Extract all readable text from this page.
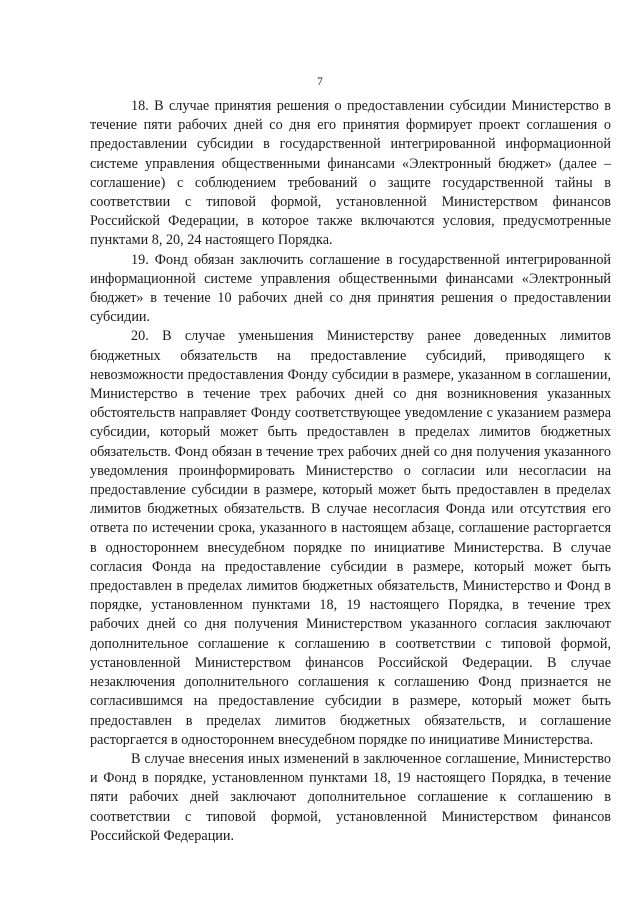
7

18. В случае принятия решения о предоставлении субсидии Министерство в течение пяти рабочих дней со дня его принятия формирует проект соглашения о предоставлении субсидии в государственной интегрированной информационной системе управления общественными финансами «Электронный бюджет» (далее – соглашение) с соблюдением требований о защите государственной тайны в соответствии с типовой формой, установленной Министерством финансов Российской Федерации, в которое также включаются условия, предусмотренные пунктами 8, 20, 24 настоящего Порядка.

19. Фонд обязан заключить соглашение в государственной интегрированной информационной системе управления общественными финансами «Электронный бюджет» в течение 10 рабочих дней со дня принятия решения о предоставлении субсидии.

20. В случае уменьшения Министерству ранее доведенных лимитов бюджетных обязательств на предоставление субсидий, приводящего к невозможности предоставления Фонду субсидии в размере, указанном в соглашении, Министерство в течение трех рабочих дней со дня возникновения указанных обстоятельств направляет Фонду соответствующее уведомление с указанием размера субсидии, который может быть предоставлен в пределах лимитов бюджетных обязательств. Фонд обязан в течение трех рабочих дней со дня получения указанного уведомления проинформировать Министерство о согласии или несогласии на предоставление субсидии в размере, который может быть предоставлен в пределах лимитов бюджетных обязательств. В случае несогласия Фонда или отсутствия его ответа по истечении срока, указанного в настоящем абзаце, соглашение расторгается в одностороннем внесудебном порядке по инициативе Министерства. В случае согласия Фонда на предоставление субсидии в размере, который может быть предоставлен в пределах лимитов бюджетных обязательств, Министерство и Фонд в порядке, установленном пунктами 18, 19 настоящего Порядка, в течение трех рабочих дней со дня получения Министерством указанного согласия заключают дополнительное соглашение к соглашению в соответствии с типовой формой, установленной Министерством финансов Российской Федерации. В случае незаключения дополнительного соглашения к соглашению Фонд признается не согласившимся на предоставление субсидии в размере, который может быть предоставлен в пределах лимитов бюджетных обязательств, и соглашение расторгается в одностороннем внесудебном порядке по инициативе Министерства.

В случае внесения иных изменений в заключенное соглашение, Министерство и Фонд в порядке, установленном пунктами 18, 19 настоящего Порядка, в течение пяти рабочих дней заключают дополнительное соглашение к соглашению в соответствии с типовой формой, установленной Министерством финансов Российской Федерации.
